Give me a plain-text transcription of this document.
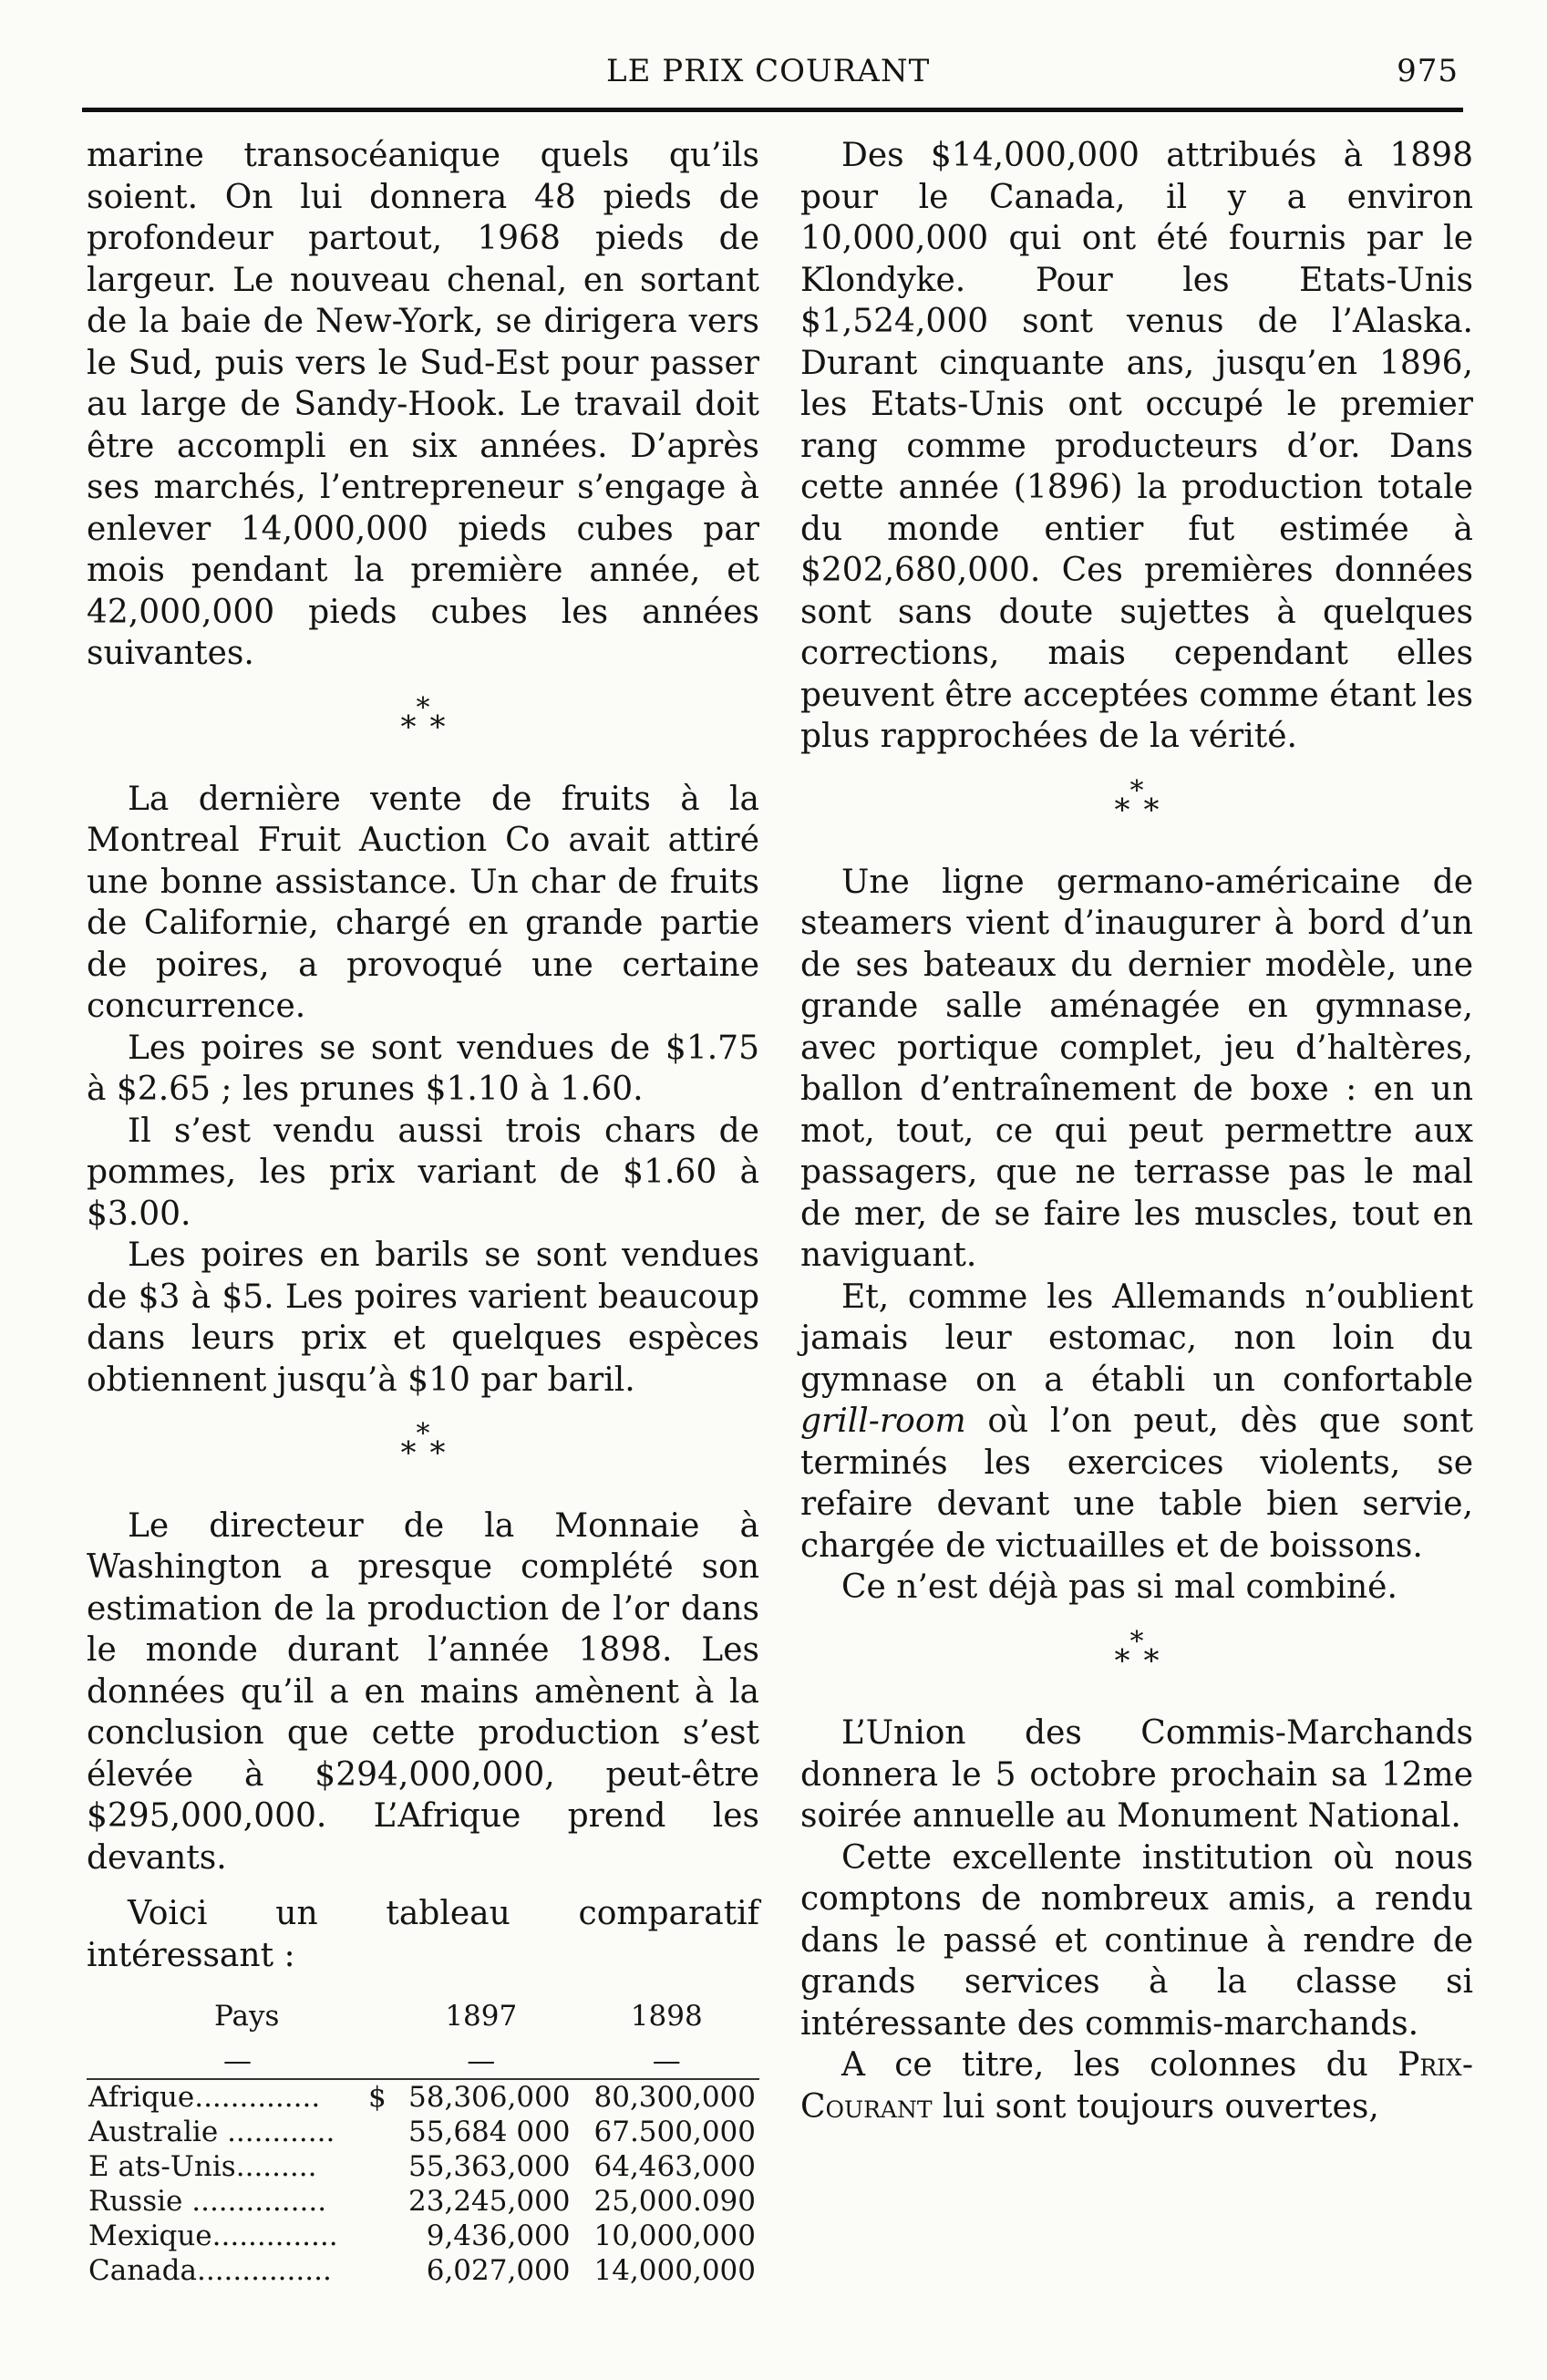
LE PRIX COURANT	975

marine transocéanique quels qu’ils soient. On lui donnera 48 pieds de profondeur partout, 1968 pieds de largeur. Le nouveau chenal, en sortant de la baie de New-York, se dirigera vers le Sud, puis vers le Sud-Est pour passer au large de Sandy-Hook. Le travail doit être accompli en six années. D’après ses marchés, l’entrepreneur s’engage à enlever 14,000,000 pieds cubes par mois pendant la première année, et 42,000,000 pieds cubes les années suivantes.

***

La dernière vente de fruits à la Montreal Fruit Auction Co avait attiré une bonne assistance. Un char de fruits de Californie, chargé en grande partie de poires, a provoqué une certaine concurrence.

Les poires se sont vendues de $1.75 à $2.65 ; les prunes $1.10 à 1.60.

Il s’est vendu aussi trois chars de pommes, les prix variant de $1.60 à $3.00.

Les poires en barils se sont vendues de $3 à $5. Les poires varient beaucoup dans leurs prix et quelques espèces obtiennent jusqu’à $10 par baril.

***

Le directeur de la Monnaie à Washington a presque complété son estimation de la production de l’or dans le monde durant l’année 1898. Les données qu’il a en mains amènent à la conclusion que cette production s’est élevée à $294,000,000, peut-être $295,000,000. L’Afrique prend les devants.

Voici un tableau comparatif intéressant :

Pays		1897	1898
—		—	—
Afrique..............	$	58,306,000	80,300,000
Australie ............		55,684 000	67.500,000
E ats-Unis.........		55,363,000	64,463,000
Russie ...............		23,245,000	25,000.090
Mexique..............		9,436,000	10,000,000
Canada...............		6,027,000	14,000,000

Des $14,000,000 attribués à 1898 pour le Canada, il y a environ 10,000,000 qui ont été fournis par le Klondyke. Pour les Etats-Unis $1,524,000 sont venus de l’Alaska. Durant cinquante ans, jusqu’en 1896, les Etats-Unis ont occupé le premier rang comme producteurs d’or. Dans cette année (1896) la production totale du monde entier fut estimée à $202,680,000. Ces premières données sont sans doute sujettes à quelques corrections, mais cependant elles peuvent être acceptées comme étant les plus rapprochées de la vérité.

***

Une ligne germano-américaine de steamers vient d’inaugurer à bord d’un de ses bateaux du dernier modèle, une grande salle aménagée en gymnase, avec portique complet, jeu d’haltères, ballon d’entraînement de boxe : en un mot, tout, ce qui peut permettre aux passagers, que ne terrasse pas le mal de mer, de se faire les muscles, tout en naviguant.

Et, comme les Allemands n’oublient jamais leur estomac, non loin du gymnase on a établi un confortable grill-room où l’on peut, dès que sont terminés les exercices violents, se refaire devant une table bien servie, chargée de victuailles et de boissons.

Ce n’est déjà pas si mal combiné.

***

L’Union des Commis-Marchands donnera le 5 octobre prochain sa 12me soirée annuelle au Monument National.

Cette excellente institution où nous comptons de nombreux amis, a rendu dans le passé et continue à rendre de grands services à la classe si intéressante des commis-marchands.

A ce titre, les colonnes du Prix-Courant lui sont toujours ouvertes,
